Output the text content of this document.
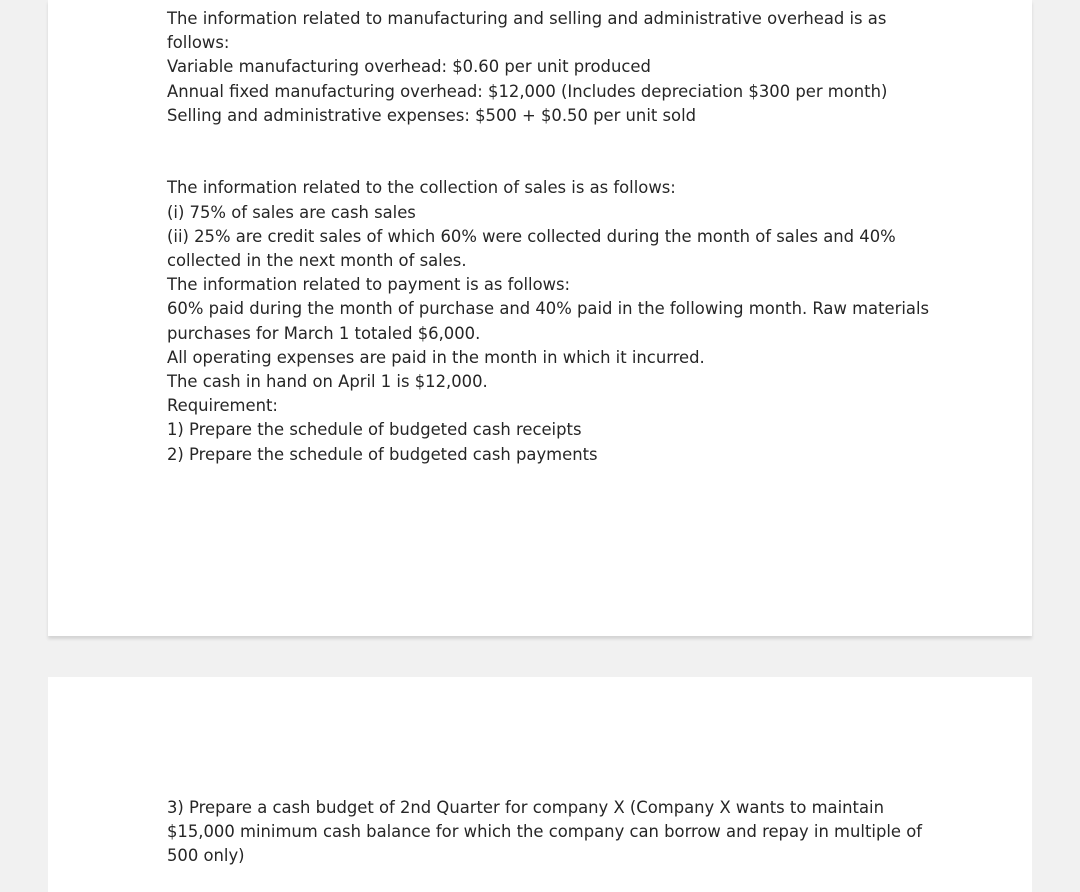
The information related to manufacturing and selling and administrative overhead is as
follows:
Variable manufacturing overhead: $0.60 per unit produced
Annual fixed manufacturing overhead: $12,000 (Includes depreciation $300 per month)
Selling and administrative expenses: $500 + $0.50 per unit sold
The information related to the collection of sales is as follows:
(i) 75% of sales are cash sales
(ii) 25% are credit sales of which 60% were collected during the month of sales and 40%
collected in the next month of sales.
The information related to payment is as follows:
60% paid during the month of purchase and 40% paid in the following month. Raw materials
purchases for March 1 totaled $6,000.
All operating expenses are paid in the month in which it incurred.
The cash in hand on April 1 is $12,000.
Requirement:
1) Prepare the schedule of budgeted cash receipts
2) Prepare the schedule of budgeted cash payments
3) Prepare a cash budget of 2nd Quarter for company X (Company X wants to maintain
$15,000 minimum cash balance for which the company can borrow and repay in multiple of
500 only)
